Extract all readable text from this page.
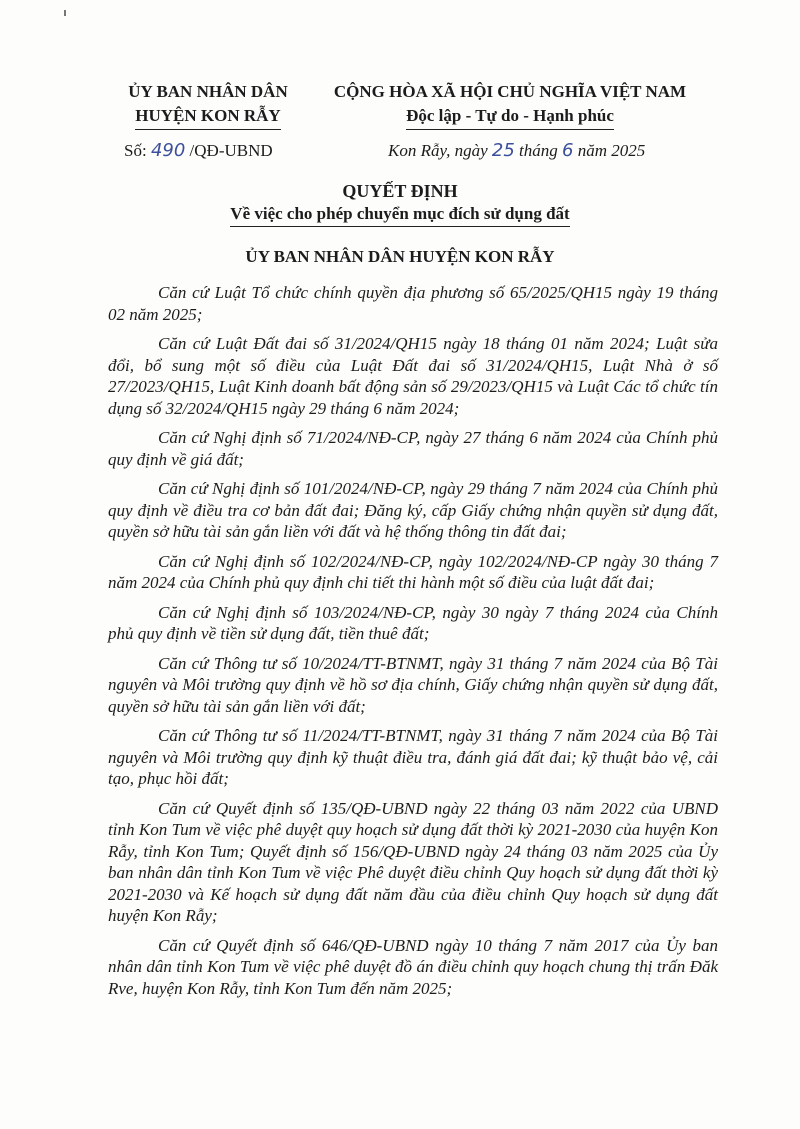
ỦY BAN NHÂN DÂN
HUYỆN KON RẪY
CỘNG HÒA XÃ HỘI CHỦ NGHĨA VIỆT NAM
Độc lập - Tự do - Hạnh phúc
Số: 490 /QĐ-UBND	Kon Rẫy, ngày 25 tháng 6 năm 2025
QUYẾT ĐỊNH
Về việc cho phép chuyển mục đích sử dụng đất
ỦY BAN NHÂN DÂN HUYỆN KON RẪY

Căn cứ Luật Tổ chức chính quyền địa phương số 65/2025/QH15 ngày 19 tháng 02 năm 2025;

Căn cứ Luật Đất đai số 31/2024/QH15 ngày 18 tháng 01 năm 2024; Luật sửa đổi, bổ sung một số điều của Luật Đất đai số 31/2024/QH15, Luật Nhà ở số 27/2023/QH15, Luật Kinh doanh bất động sản số 29/2023/QH15 và Luật Các tổ chức tín dụng số 32/2024/QH15 ngày 29 tháng 6 năm 2024;

Căn cứ Nghị định số 71/2024/NĐ-CP, ngày 27 tháng 6 năm 2024 của Chính phủ quy định về giá đất;

Căn cứ Nghị định số 101/2024/NĐ-CP, ngày 29 tháng 7 năm 2024 của Chính phủ quy định về điều tra cơ bản đất đai; Đăng ký, cấp Giấy chứng nhận quyền sử dụng đất, quyền sở hữu tài sản gắn liền với đất và hệ thống thông tin đất đai;

Căn cứ Nghị định số 102/2024/NĐ-CP, ngày 102/2024/NĐ-CP ngày 30 tháng 7 năm 2024 của Chính phủ quy định chi tiết thi hành một số điều của luật đất đai;

Căn cứ Nghị định số 103/2024/NĐ-CP, ngày 30 ngày 7 tháng 2024 của Chính phủ quy định về tiền sử dụng đất, tiền thuê đất;

Căn cứ Thông tư số 10/2024/TT-BTNMT, ngày 31 tháng 7 năm 2024 của Bộ Tài nguyên và Môi trường quy định về hồ sơ địa chính, Giấy chứng nhận quyền sử dụng đất, quyền sở hữu tài sản gắn liền với đất;

Căn cứ Thông tư số 11/2024/TT-BTNMT, ngày 31 tháng 7 năm 2024 của Bộ Tài nguyên và Môi trường quy định kỹ thuật điều tra, đánh giá đất đai; kỹ thuật bảo vệ, cải tạo, phục hồi đất;

Căn cứ Quyết định số 135/QĐ-UBND ngày 22 tháng 03 năm 2022 của UBND tỉnh Kon Tum về việc phê duyệt quy hoạch sử dụng đất thời kỳ 2021-2030 của huyện Kon Rẫy, tỉnh Kon Tum; Quyết định số 156/QĐ-UBND ngày 24 tháng 03 năm 2025 của Ủy ban nhân dân tỉnh Kon Tum về việc Phê duyệt điều chỉnh Quy hoạch sử dụng đất thời kỳ 2021-2030 và Kế hoạch sử dụng đất năm đầu của điều chỉnh Quy hoạch sử dụng đất huyện Kon Rẫy;

Căn cứ Quyết định số 646/QĐ-UBND ngày 10 tháng 7 năm 2017 của Ủy ban nhân dân tỉnh Kon Tum về việc phê duyệt đồ án điều chỉnh quy hoạch chung thị trấn Đăk Rve, huyện Kon Rẫy, tỉnh Kon Tum đến năm 2025;
